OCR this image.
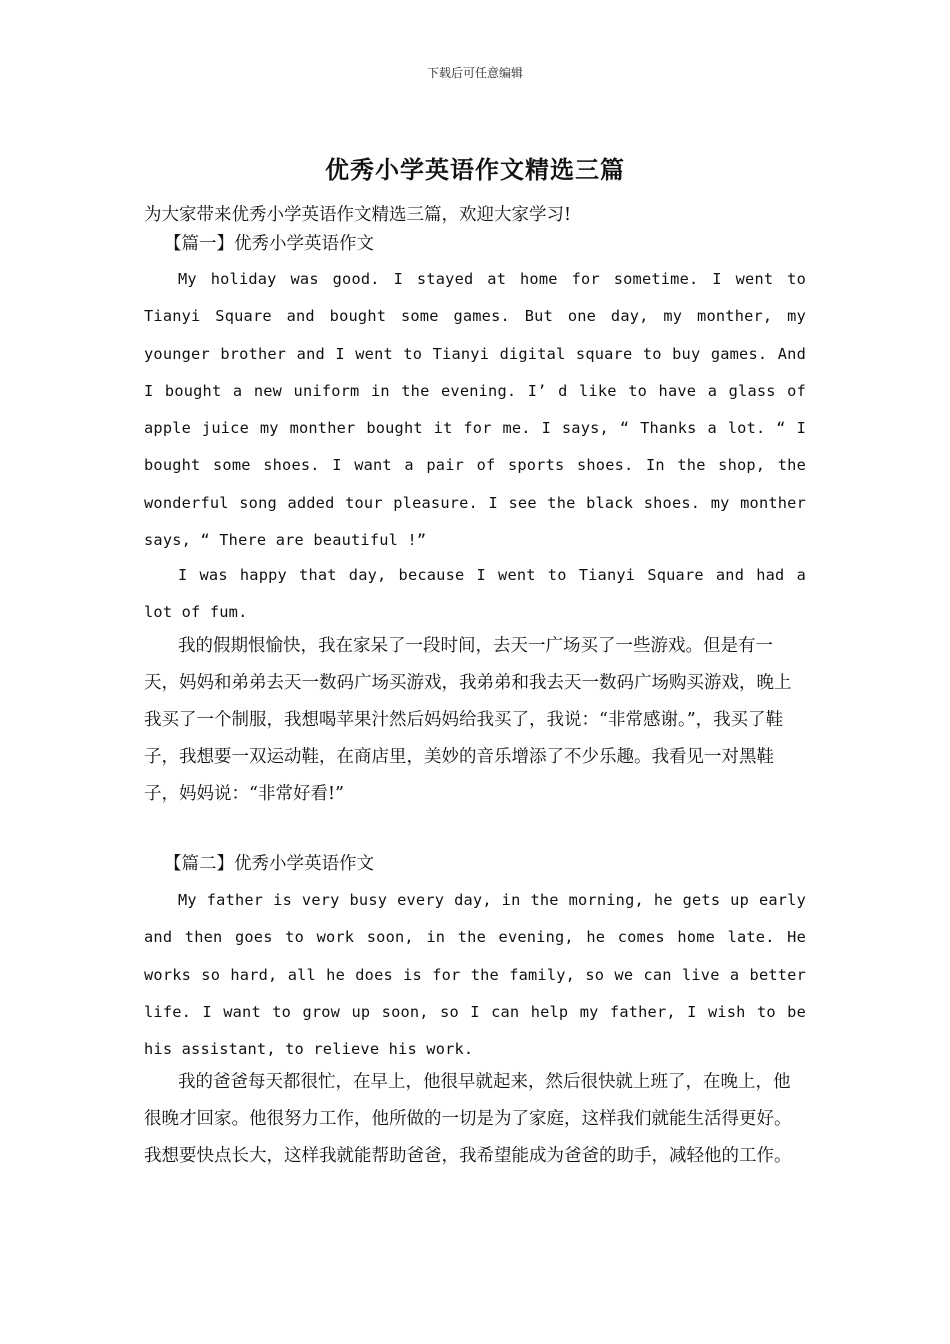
下载后可任意编辑
优秀小学英语作文精选三篇

为大家带来优秀小学英语作文精选三篇，欢迎大家学习!

【篇一】优秀小学英语作文

My holiday was good. I stayed at home for sometime. I went to Tianyi Square and bought some games. But one day, my monther, my younger brother and I went to Tianyi digital square to buy games. And I bought a new uniform in the evening. I’ d like to have a glass of apple juice my monther bought it for me. I says, “ Thanks a lot. “ I bought some shoes. I want a pair of sports shoes. In the shop, the wonderful song added tour pleasure. I see the black shoes. my monther says, “ There are beautiful !”

I was happy that day, because I went to Tianyi Square and had a lot of fum.

我的假期恨愉快，我在家呆了一段时间，去天一广场买了一些游戏。但是有一天，妈妈和弟弟去天一数码广场买游戏，我弟弟和我去天一数码广场购买游戏，晚上我买了一个制服，我想喝苹果汁然后妈妈给我买了，我说：“非常感谢。”，我买了鞋子，我想要一双运动鞋，在商店里，美妙的音乐增添了不少乐趣。我看见一对黑鞋子，妈妈说：“非常好看!”

【篇二】优秀小学英语作文

My father is very busy every day, in the morning, he gets up early and then goes to work soon, in the evening, he comes home late. He works so hard, all he does is for the family, so we can live a better life. I want to grow up soon, so I can help my father, I wish to be his assistant, to relieve his work.

我的爸爸每天都很忙，在早上，他很早就起来，然后很快就上班了，在晚上，他很晚才回家。他很努力工作，他所做的一切是为了家庭，这样我们就能生活得更好。我想要快点长大，这样我就能帮助爸爸，我希望能成为爸爸的助手，减轻他的工作。
